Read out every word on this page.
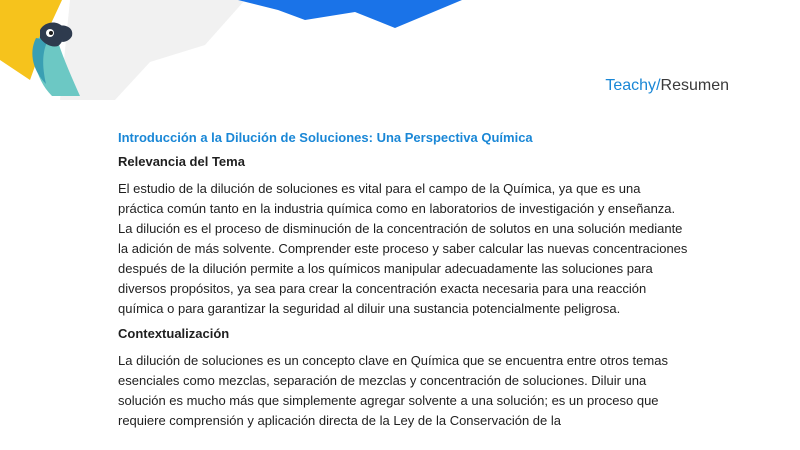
Teachy/Resumen
Introducción a la Dilución de Soluciones: Una Perspectiva Química
Relevancia del Tema

El estudio de la dilución de soluciones es vital para el campo de la Química, ya que es una práctica común tanto en la industria química como en laboratorios de investigación y enseñanza. La dilución es el proceso de disminución de la concentración de solutos en una solución mediante la adición de más solvente. Comprender este proceso y saber calcular las nuevas concentraciones después de la dilución permite a los químicos manipular adecuadamente las soluciones para diversos propósitos, ya sea para crear la concentración exacta necesaria para una reacción química o para garantizar la seguridad al diluir una sustancia potencialmente peligrosa.

Contextualización

La dilución de soluciones es un concepto clave en Química que se encuentra entre otros temas esenciales como mezclas, separación de mezclas y concentración de soluciones. Diluir una solución es mucho más que simplemente agregar solvente a una solución; es un proceso que requiere comprensión y aplicación directa de la Ley de la Conservación de la
